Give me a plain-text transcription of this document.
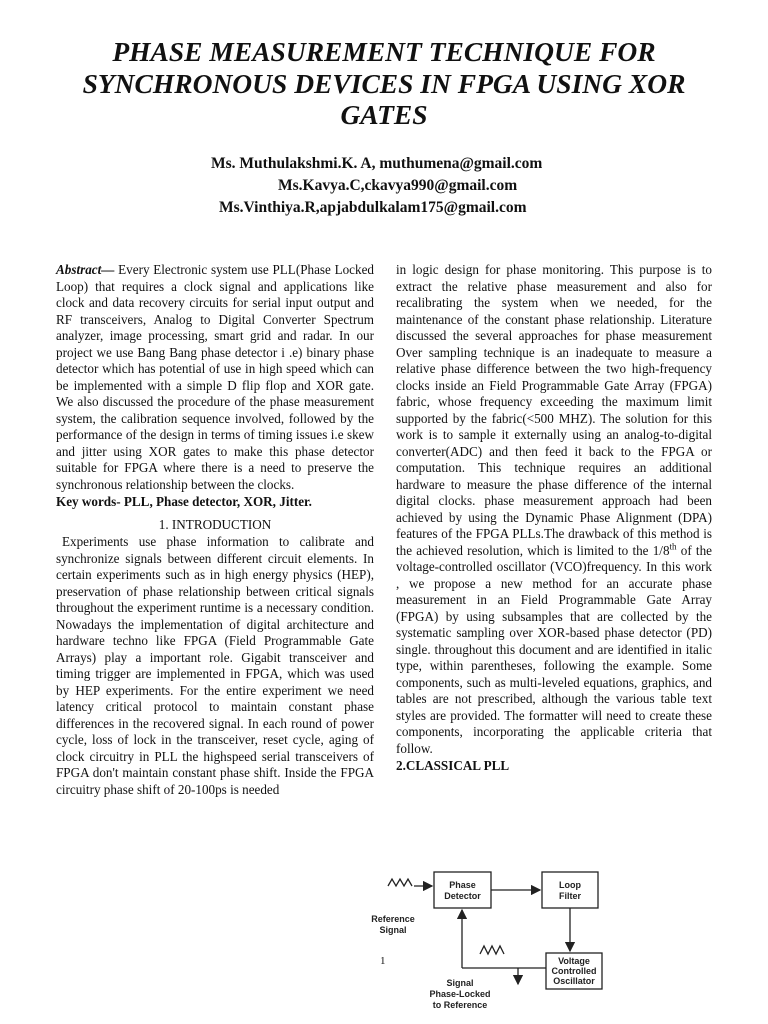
PHASE MEASUREMENT TECHNIQUE FOR SYNCHRONOUS DEVICES IN FPGA USING XOR GATES
Ms. Muthulakshmi.K. A, muthumena@gmail.com
Ms.Kavya.C,ckavya990@gmail.com
Ms.Vinthiya.R,apjabdulkalam175@gmail.com

Abstract— Every Electronic system use PLL(Phase Locked Loop) that requires a clock signal and applications like clock and data recovery circuits for serial input output and RF transceivers, Analog to Digital Converter Spectrum analyzer, image processing, smart grid and radar. In our project we use Bang Bang phase detector i .e) binary phase detector which has potential of use in high speed which can be implemented with a simple D flip flop and XOR gate. We also discussed the procedure of the phase measurement system, the calibration sequence involved, followed by the performance of the design in terms of timing issues i.e skew and jitter using XOR gates to make this phase detector suitable for FPGA where there is a need to preserve the synchronous relationship between the clocks.

Key words- PLL, Phase detector, XOR, Jitter.

1. INTRODUCTION

Experiments use phase information to calibrate and synchronize signals between different circuit elements. In certain experiments such as in high energy physics (HEP), preservation of phase relationship between critical signals throughout the experiment runtime is a necessary condition. Nowadays the implementation of digital architecture and hardware techno like FPGA (Field Programmable Gate Arrays) play a important role. Gigabit transceiver and timing trigger are implemented in FPGA, which was used by HEP experiments. For the entire experiment we need latency critical protocol to maintain constant phase differences in the recovered signal. In each round of power cycle, loss of lock in the transceiver, reset cycle, aging of clock circuitry in PLL the highspeed serial transceivers of FPGA don't maintain constant phase shift. Inside the FPGA circuitry phase shift of 20-100ps is needed

in logic design for phase monitoring. This purpose is to extract the relative phase measurement and also for recalibrating the system when we needed, for the maintenance of the constant phase relationship. Literature discussed the several approaches for phase measurement Over sampling technique is an inadequate to measure a relative phase difference between the two high-frequency clocks inside an Field Programmable Gate Array (FPGA) fabric, whose frequency exceeding the maximum limit supported by the fabric(<500 MHZ). The solution for this work is to sample it externally using an analog-to-digital converter(ADC) and then feed it back to the FPGA or computation. This technique requires an additional hardware to measure the phase difference of the internal digital clocks. phase measurement approach had been achieved by using the Dynamic Phase Alignment (DPA) features of the FPGA PLLs.The drawback of this method is the achieved resolution, which is limited to the 1/8th of the voltage-controlled oscillator (VCO)frequency. In this work , we propose a new method for an accurate phase measurement in an Field Programmable Gate Array (FPGA) by using subsamples that are collected by the systematic sampling over XOR-based phase detector (PD) single. throughout this document and are identified in italic type, within parentheses, following the example. Some components, such as multi-leveled equations, graphics, and tables are not prescribed, although the various table text styles are provided. The formatter will need to create these components, incorporating the applicable criteria that follow.

2.CLASSICAL PLL

Phase
Detector
Loop
Filter
Voltage
Controlled
Oscillator
Reference
Signal
Signal
Phase-Locked
to Reference
1
